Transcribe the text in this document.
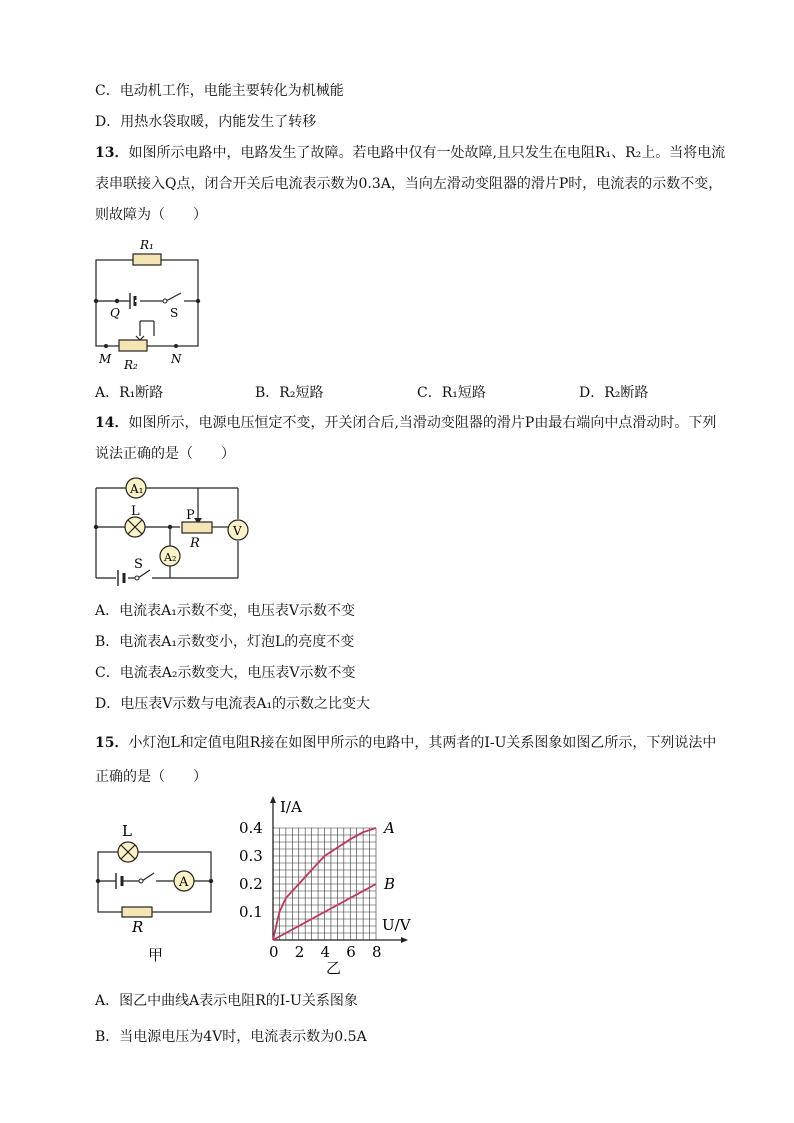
C．电动机工作，电能主要转化为机械能
D．用热水袋取暖，内能发生了转移
13．如图所示电路中，电路发生了故障。若电路中仅有一处故障,且只发生在电阻R₁、R₂上。当将电流
表串联接入Q点，闭合开关后电流表示数为0.3A，当向左滑动变阻器的滑片P时，电流表的示数不变，
则故障为（　　）
R₁
Q	S
M	N
R₂
A．R₁断路	B．R₂短路	C．R₁短路	D．R₂断路
14．如图所示，电源电压恒定不变，开关闭合后,当滑动变阻器的滑片P由最右端向中点滑动时。下列
说法正确的是（　　）
A₁
L	P
R
V
A₂
S
A．电流表A₁示数不变，电压表V示数不变
B．电流表A₁示数变小，灯泡L的亮度不变
C．电流表A₂示数变大，电压表V示数不变
D．电压表V示数与电流表A₁的示数之比变大
15．小灯泡L和定值电阻R接在如图甲所示的电路中，其两者的I-U关系图象如图乙所示，下列说法中
正确的是（　　）
L
A
R
甲	0 2 4 6 8
0.1
0.2
0.3
0.4	A
B
I/A
U/V
乙
A．图乙中曲线A表示电阻R的I-U关系图象
B．当电源电压为4V时，电流表示数为0.5A
